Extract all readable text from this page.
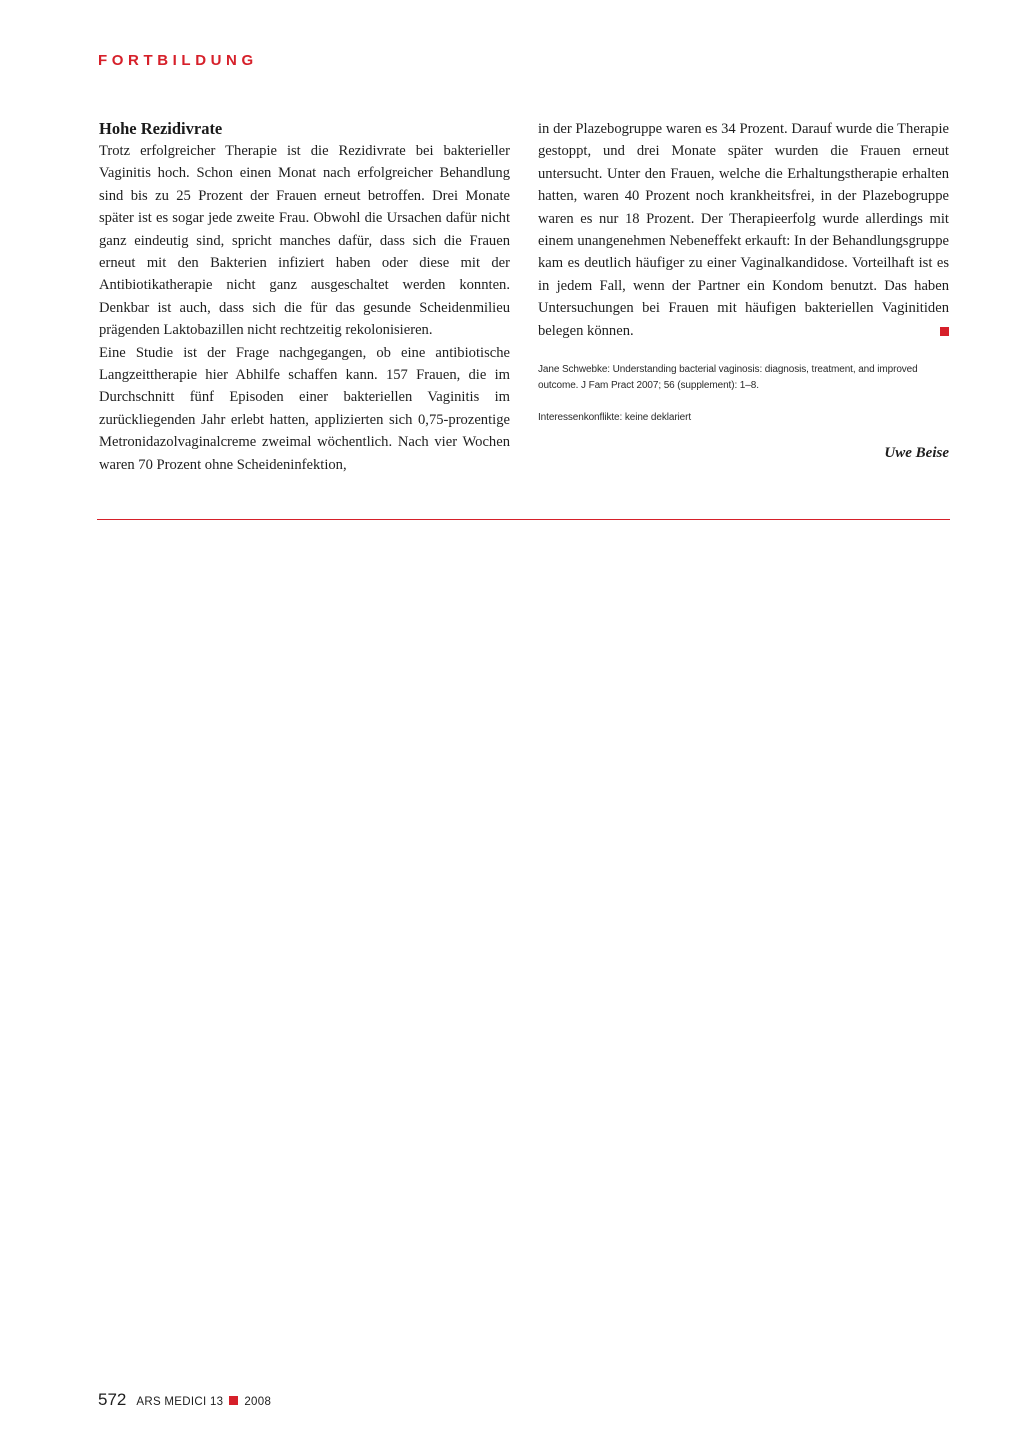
FORTBILDUNG
Hohe Rezidivrate

Trotz erfolgreicher Therapie ist die Rezidivrate bei bakterieller Vaginitis hoch. Schon einen Monat nach erfolgreicher Behandlung sind bis zu 25 Prozent der Frauen erneut betroffen. Drei Monate später ist es sogar jede zweite Frau. Obwohl die Ursachen dafür nicht ganz eindeutig sind, spricht manches dafür, dass sich die Frauen erneut mit den Bakterien infiziert haben oder diese mit der Antibiotikatherapie nicht ganz ausgeschaltet werden konnten. Denkbar ist auch, dass sich die für das gesunde Scheidenmilieu prägenden Laktobazillen nicht rechtzeitig rekolonisieren.

Eine Studie ist der Frage nachgegangen, ob eine antibiotische Langzeittherapie hier Abhilfe schaffen kann. 157 Frauen, die im Durchschnitt fünf Episoden einer bakteriellen Vaginitis im zurückliegenden Jahr erlebt hatten, applizierten sich 0,75-prozentige Metronidazolvaginalcreme zweimal wöchentlich. Nach vier Wochen waren 70 Prozent ohne Scheideninfektion,

in der Plazebogruppe waren es 34 Prozent. Darauf wurde die Therapie gestoppt, und drei Monate später wurden die Frauen erneut untersucht. Unter den Frauen, welche die Erhaltungstherapie erhalten hatten, waren 40 Prozent noch krankheitsfrei, in der Plazebogruppe waren es nur 18 Prozent. Der Therapieerfolg wurde allerdings mit einem unangenehmen Nebeneffekt erkauft: In der Behandlungsgruppe kam es deutlich häufiger zu einer Vaginalkandidose. Vorteilhaft ist es in jedem Fall, wenn der Partner ein Kondom benutzt. Das haben Untersuchungen bei Frauen mit häufigen bakteriellen Vaginitiden belegen können.

Jane Schwebke: Understanding bacterial vaginosis: diagnosis, treatment, and improved outcome. J Fam Pract 2007; 56 (supplement): 1–8.

Interessenkonflikte: keine deklariert

Uwe Beise
572 ARS MEDICI 13 2008
